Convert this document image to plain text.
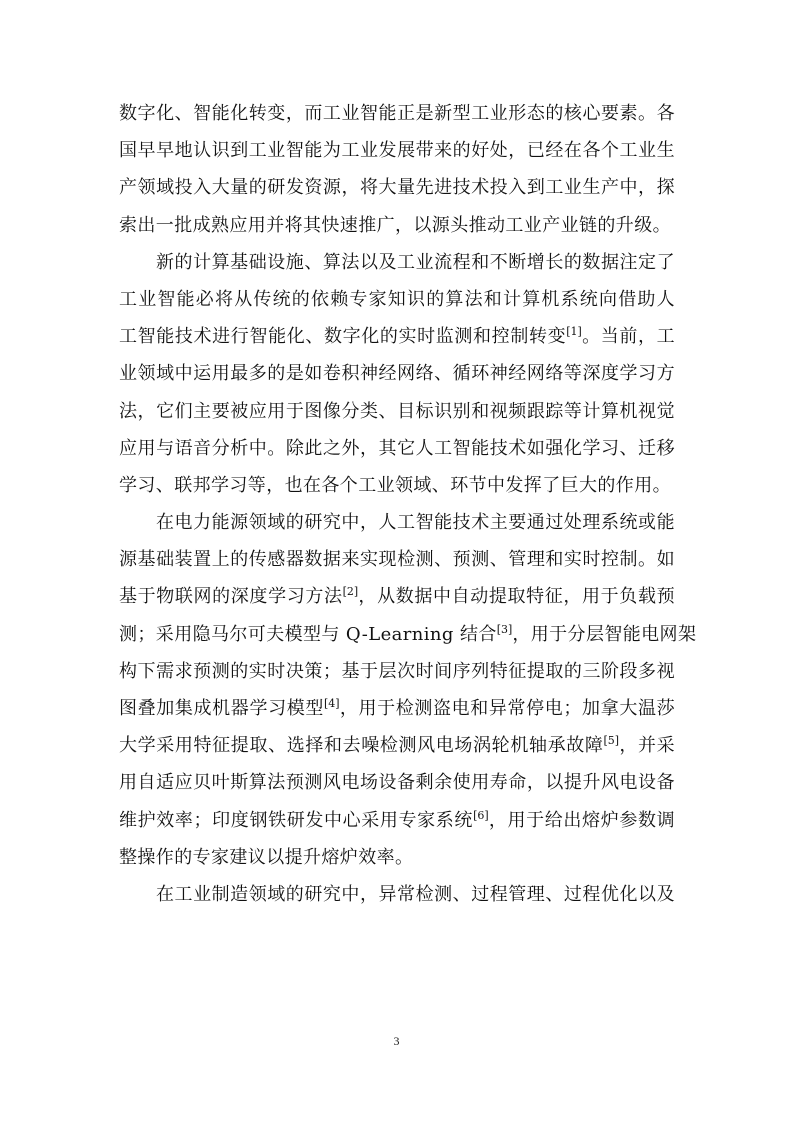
数字化、智能化转变，而工业智能正是新型工业形态的核心要素。各
国早早地认识到工业智能为工业发展带来的好处，已经在各个工业生
产领域投入大量的研发资源，将大量先进技术投入到工业生产中，探
索出一批成熟应用并将其快速推广，以源头推动工业产业链的升级。
新的计算基础设施、算法以及工业流程和不断增长的数据注定了
工业智能必将从传统的依赖专家知识的算法和计算机系统向借助人
工智能技术进行智能化、数字化的实时监测和控制转变[1]。当前，工
业领域中运用最多的是如卷积神经网络、循环神经网络等深度学习方
法，它们主要被应用于图像分类、目标识别和视频跟踪等计算机视觉
应用与语音分析中。除此之外，其它人工智能技术如强化学习、迁移
学习、联邦学习等，也在各个工业领域、环节中发挥了巨大的作用。
在电力能源领域的研究中，人工智能技术主要通过处理系统或能
源基础装置上的传感器数据来实现检测、预测、管理和实时控制。如
基于物联网的深度学习方法[2]，从数据中自动提取特征，用于负载预
测；采用隐马尔可夫模型与 Q-Learning 结合[3]，用于分层智能电网架
构下需求预测的实时决策；基于层次时间序列特征提取的三阶段多视
图叠加集成机器学习模型[4]，用于检测盗电和异常停电；加拿大温莎
大学采用特征提取、选择和去噪检测风电场涡轮机轴承故障[5]，并采
用自适应贝叶斯算法预测风电场设备剩余使用寿命，以提升风电设备
维护效率；印度钢铁研发中心采用专家系统[6]，用于给出熔炉参数调
整操作的专家建议以提升熔炉效率。
在工业制造领域的研究中，异常检测、过程管理、过程优化以及
3
